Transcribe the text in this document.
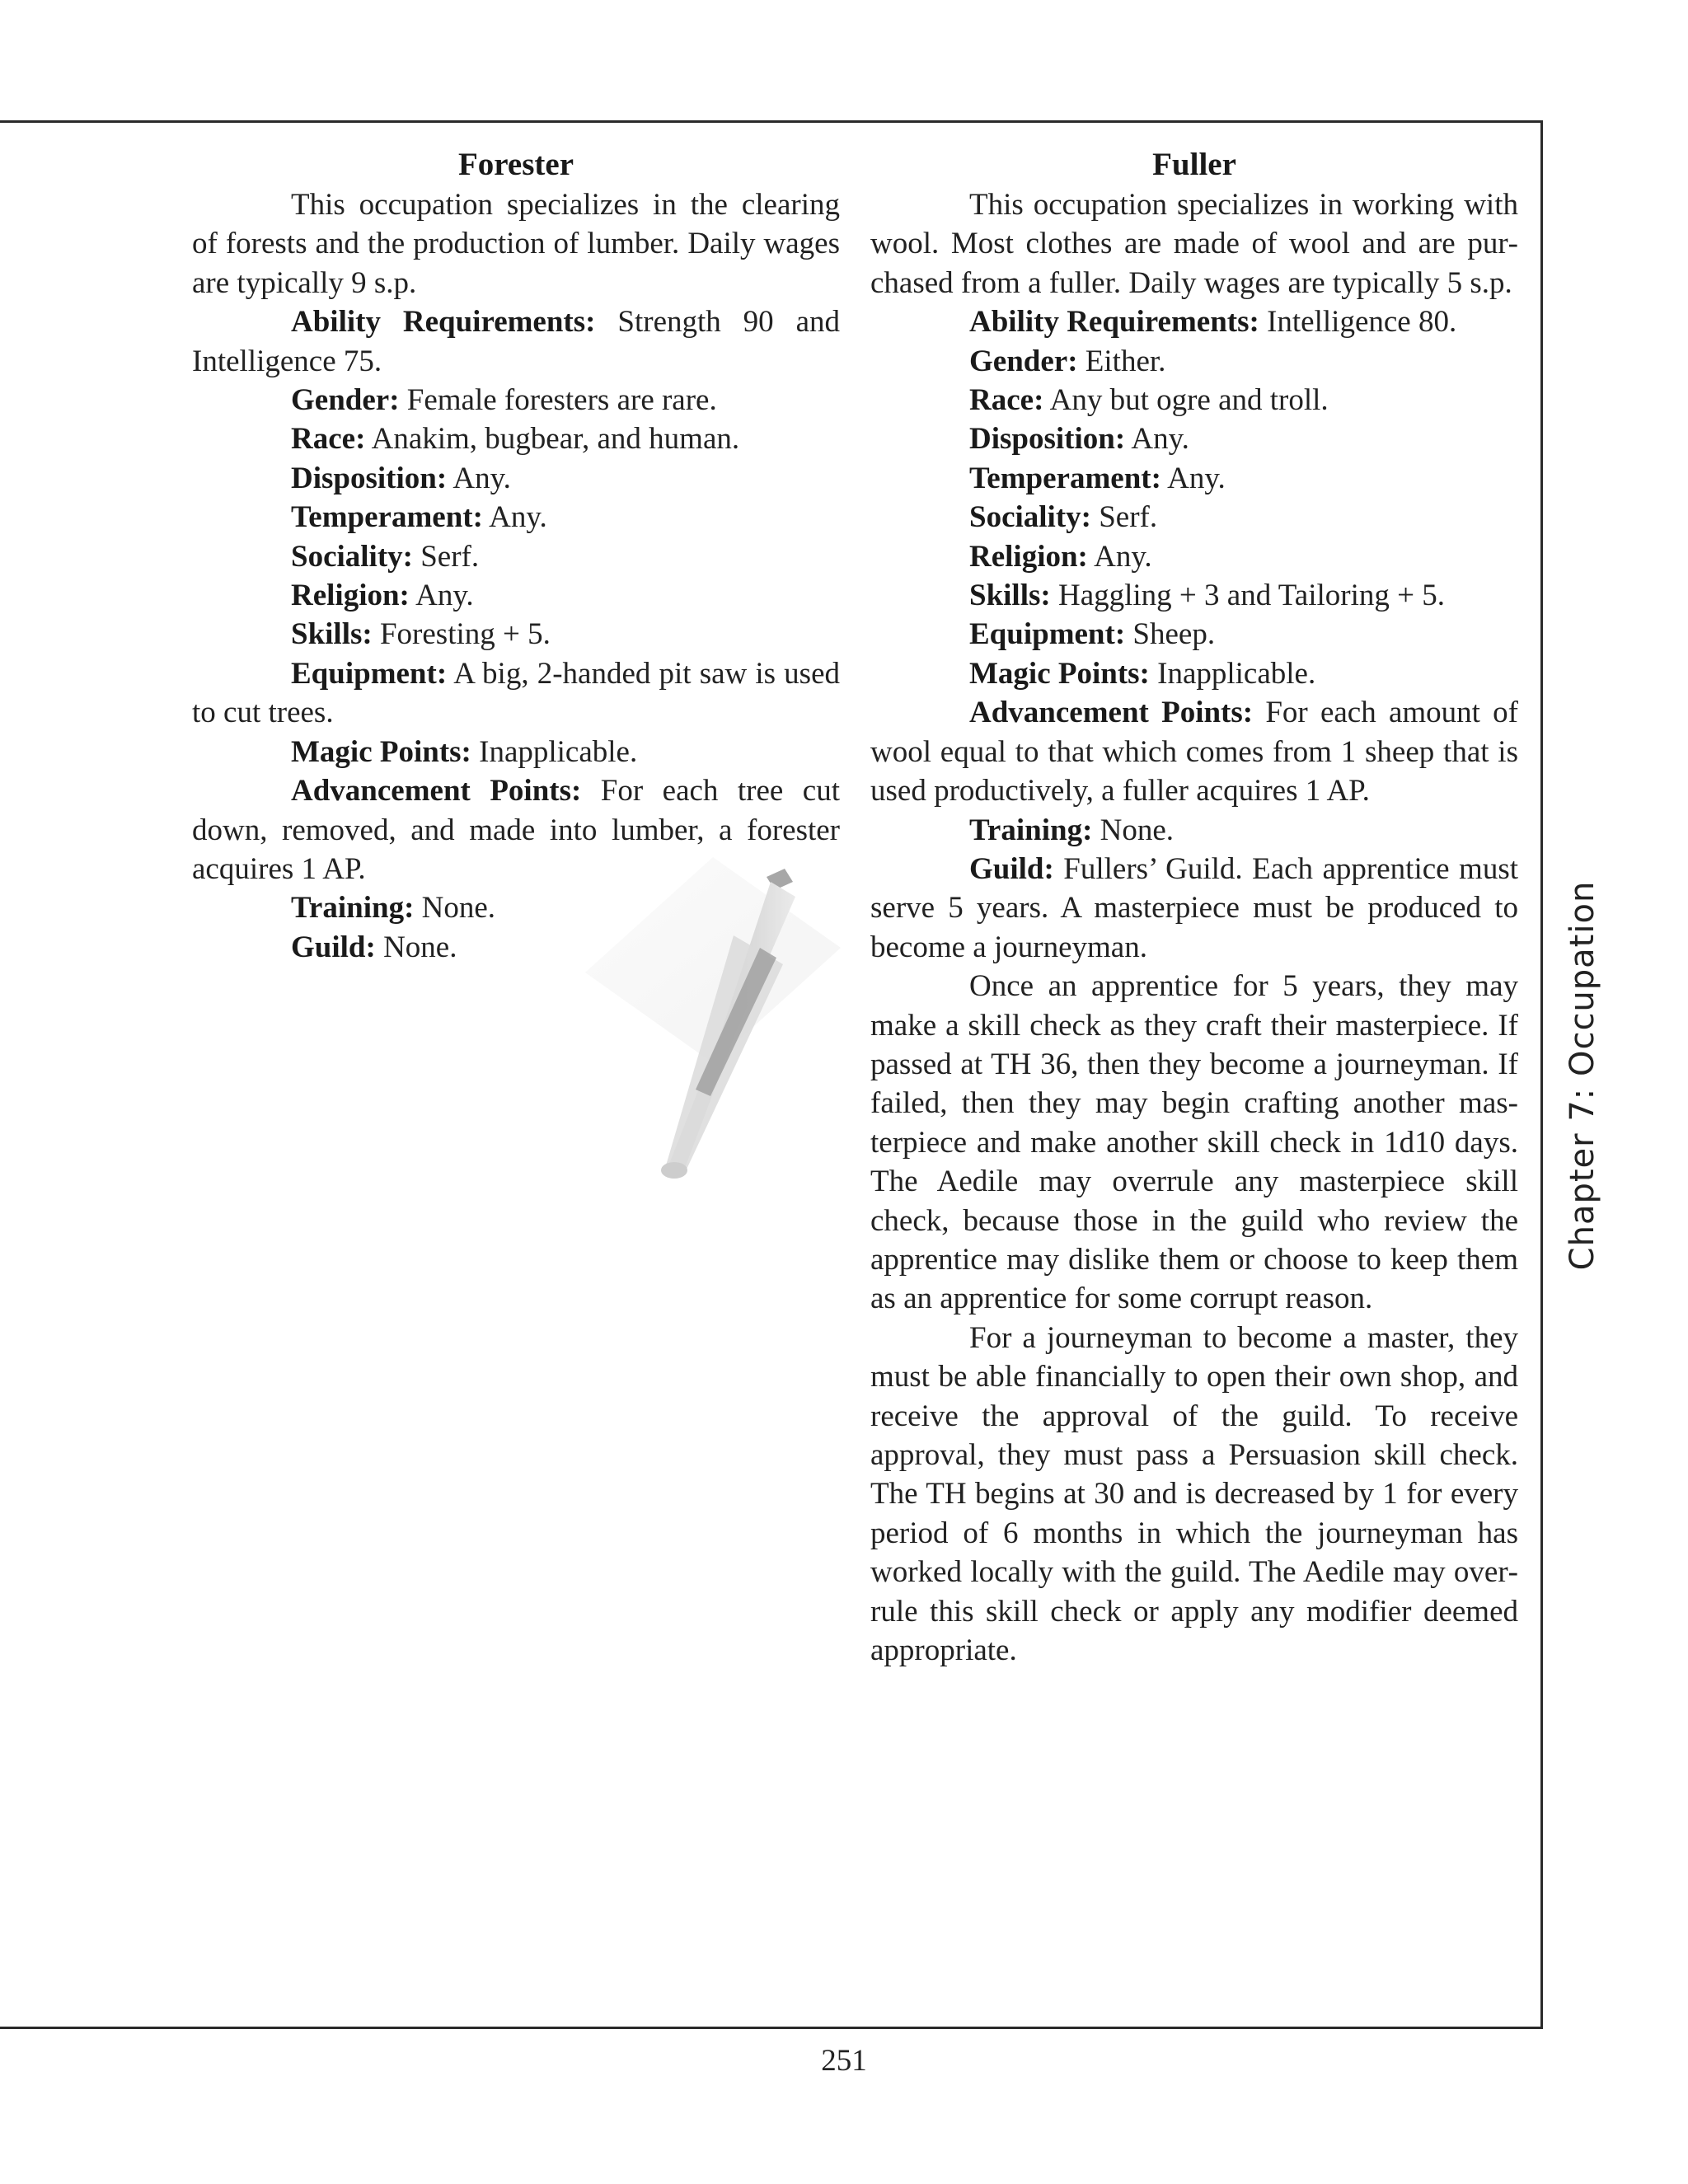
Forester

This occupation specializes in the clearing of forests and the production of lumber. Daily wages are typically 9 s.p.

Ability Requirements: Strength 90 and Intelligence 75.

Gender: Female foresters are rare.

Race: Anakim, bugbear, and human.

Disposition: Any.

Temperament: Any.

Sociality: Serf.

Religion: Any.

Skills: Foresting + 5.

Equipment: A big, 2-handed pit saw is used to cut trees.

Magic Points: Inapplicable.

Advancement Points: For each tree cut down, removed, and made into lumber, a forester acquires 1 AP.

Training: None.

Guild: None.

Fuller

This occupation specializes in working with wool. Most clothes are made of wool and are purchased from a fuller. Daily wages are typically 5 s.p.

Ability Requirements: Intelligence 80.

Gender: Either.

Race: Any but ogre and troll.

Disposition: Any.

Temperament: Any.

Sociality: Serf.

Religion: Any.

Skills: Haggling + 3 and Tailoring + 5.

Equipment: Sheep.

Magic Points: Inapplicable.

Advancement Points: For each amount of wool equal to that which comes from 1 sheep that is used productively, a fuller acquires 1 AP.

Training: None.

Guild: Fullers’ Guild. Each apprentice must serve 5 years. A masterpiece must be produced to become a journeyman.

Once an apprentice for 5 years, they may make a skill check as they craft their masterpiece. If passed at TH 36, then they become a journeyman. If failed, then they may begin crafting another masterpiece and make another skill check in 1d10 days. The Aedile may overrule any masterpiece skill check, because those in the guild who review the apprentice may dislike them or choose to keep them as an apprentice for some corrupt reason.

For a journeyman to become a master, they must be able financially to open their own shop, and receive the approval of the guild. To receive approval, they must pass a Persuasion skill check. The TH begins at 30 and is decreased by 1 for every period of 6 months in which the journeyman has worked locally with the guild. The Aedile may overrule this skill check or apply any modifier deemed appropriate.

Chapter 7: Occupation
251
